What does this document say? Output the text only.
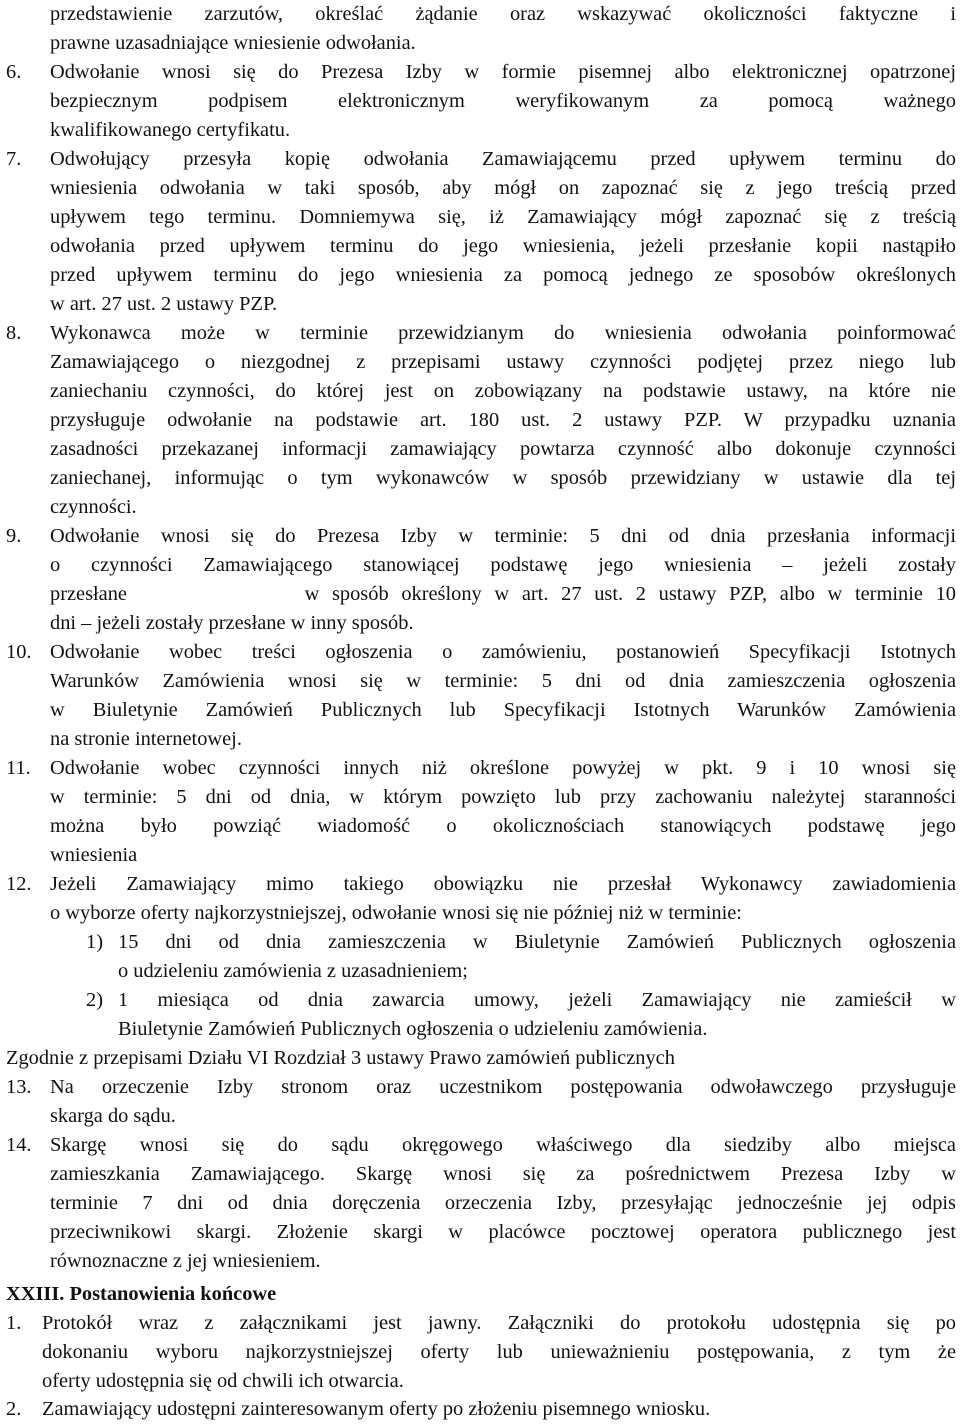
przedstawienie zarzutów, określać żądanie oraz wskazywać okoliczności faktyczne i
prawne uzasadniające wniesienie odwołania.
6. Odwołanie wnosi się do Prezesa Izby w formie pisemnej albo elektronicznej opatrzonej
bezpiecznym podpisem elektronicznym weryfikowanym za pomocą ważnego
kwalifikowanego certyfikatu.
7. Odwołujący przesyła kopię odwołania Zamawiającemu przed upływem terminu do
wniesienia odwołania w taki sposób, aby mógł on zapoznać się z jego treścią przed
upływem tego terminu. Domniemywa się, iż Zamawiający mógł zapoznać się z treścią
odwołania przed upływem terminu do jego wniesienia, jeżeli przesłanie kopii nastąpiło
przed upływem terminu do jego wniesienia za pomocą jednego ze sposobów określonych
w art. 27 ust. 2 ustawy PZP.
8. Wykonawca może w terminie przewidzianym do wniesienia odwołania poinformować
Zamawiającego o niezgodnej z przepisami ustawy czynności podjętej przez niego lub
zaniechaniu czynności, do której jest on zobowiązany na podstawie ustawy, na które nie
przysługuje odwołanie na podstawie art. 180 ust. 2 ustawy PZP. W przypadku uznania
zasadności przekazanej informacji zamawiający powtarza czynność albo dokonuje czynności
zaniechanej, informując o tym wykonawców w sposób przewidziany w ustawie dla tej
czynności.
9. Odwołanie wnosi się do Prezesa Izby w terminie: 5 dni od dnia przesłania informacji
o czynności Zamawiającego stanowiącej podstawę jego wniesienia – jeżeli zostały
przesłane              w sposób określony w art. 27 ust. 2 ustawy PZP, albo w terminie 10
dni – jeżeli zostały przesłane w inny sposób.
10. Odwołanie wobec treści ogłoszenia o zamówieniu, postanowień Specyfikacji Istotnych
Warunków Zamówienia wnosi się w terminie: 5 dni od dnia zamieszczenia ogłoszenia
w Biuletynie Zamówień Publicznych lub Specyfikacji Istotnych Warunków Zamówienia
na stronie internetowej.
11. Odwołanie wobec czynności innych niż określone powyżej w pkt. 9 i 10 wnosi się
w terminie: 5 dni od dnia, w którym powzięto lub przy zachowaniu należytej staranności
można było powziąć wiadomość o okolicznościach stanowiących podstawę jego
wniesienia
12. Jeżeli Zamawiający mimo takiego obowiązku nie przesłał Wykonawcy zawiadomienia
o wyborze oferty najkorzystniejszej, odwołanie wnosi się nie później niż w terminie:
1) 15 dni od dnia zamieszczenia w Biuletynie Zamówień Publicznych ogłoszenia
o udzieleniu zamówienia z uzasadnieniem;
2) 1 miesiąca od dnia zawarcia umowy, jeżeli Zamawiający nie zamieścił w
Biuletynie Zamówień Publicznych ogłoszenia o udzieleniu zamówienia.
Zgodnie z przepisami Działu VI Rozdział 3 ustawy Prawo zamówień publicznych
13. Na orzeczenie Izby stronom oraz uczestnikom postępowania odwoławczego przysługuje
skarga do sądu.
14. Skargę wnosi się do sądu okręgowego właściwego dla siedziby albo miejsca
zamieszkania Zamawiającego. Skargę wnosi się za pośrednictwem Prezesa Izby w
terminie 7 dni od dnia doręczenia orzeczenia Izby, przesyłając jednocześnie jej odpis
przeciwnikowi skargi. Złożenie skargi w placówce pocztowej operatora publicznego jest
równoznaczne z jej wniesieniem.
XXIII. Postanowienia końcowe
1. Protokół wraz z załącznikami jest jawny. Załączniki do protokołu udostępnia się po
dokonaniu wyboru najkorzystniejszej oferty lub unieważnieniu postępowania, z tym że
oferty udostępnia się od chwili ich otwarcia.
2. Zamawiający udostępni zainteresowanym oferty po złożeniu pisemnego wniosku.
